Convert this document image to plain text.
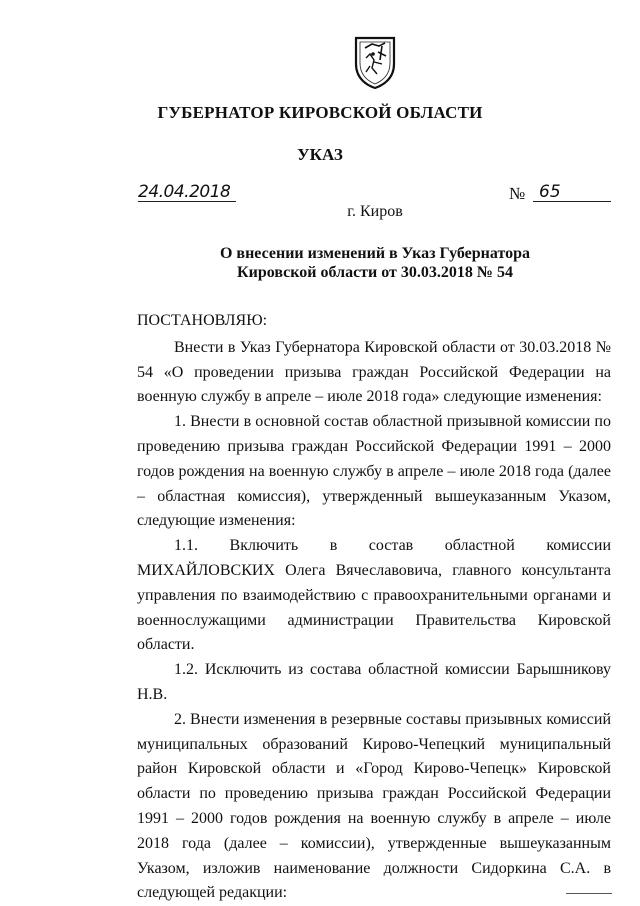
ГУБЕРНАТОР КИРОВСКОЙ ОБЛАСТИ
УКАЗ
24.04.2018	№ 65
г. Киров
О внесении изменений в Указ Губернатора
Кировской области от 30.03.2018 № 54

ПОСТАНОВЛЯЮ:

Внести в Указ Губернатора Кировской области от 30.03.2018 № 54 «О проведении призыва граждан Российской Федерации на военную службу в апреле – июле 2018 года» следующие изменения:

1. Внести в основной состав областной призывной комиссии по проведению призыва граждан Российской Федерации 1991 – 2000 годов рождения на военную службу в апреле – июле 2018 года (далее – областная комиссия), утвержденный вышеуказанным Указом, следующие изменения:

1.1. Включить в состав областной комиссии МИХАЙЛОВСКИХ Олега Вячеславовича, главного консультанта управления по взаимодействию с правоохранительными органами и военнослужащими администрации Правительства Кировской области.

1.2. Исключить из состава областной комиссии Барышникову Н.В.

2. Внести изменения в резервные составы призывных комиссий муниципальных образований Кирово-Чепецкий муниципальный район Кировской области и «Город Кирово-Чепецк» Кировской области по проведению призыва граждан Российской Федерации 1991 – 2000 годов рождения на военную службу в апреле – июле 2018 года (далее – комиссии), утвержденные вышеуказанным Указом, изложив наименование должности Сидоркина С.А. в следующей редакции:
